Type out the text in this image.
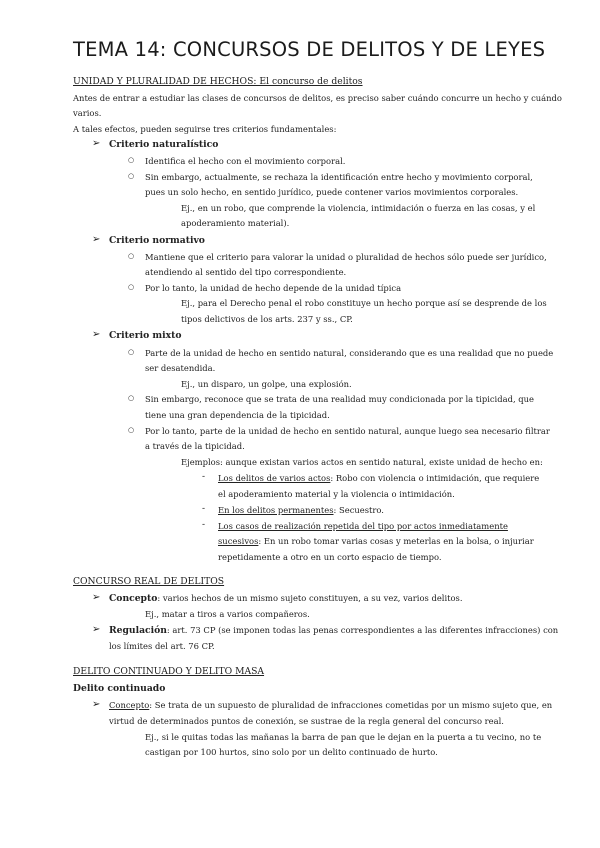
TEMA 14: CONCURSOS DE DELITOS Y DE LEYES
UNIDAD Y PLURALIDAD DE HECHOS: El concurso de delitos
Antes de entrar a estudiar las clases de concursos de delitos, es preciso saber cuándo concurre un hecho y cuándo
varios.
A tales efectos, pueden seguirse tres criterios fundamentales:
➢ Criterio naturalístico
○ Identifica el hecho con el movimiento corporal.
○ Sin embargo, actualmente, se rechaza la identificación entre hecho y movimiento corporal,
pues un solo hecho, en sentido jurídico, puede contener varios movimientos corporales.
Ej., en un robo, que comprende la violencia, intimidación o fuerza en las cosas, y el
apoderamiento material).
➢ Criterio normativo
○ Mantiene que el criterio para valorar la unidad o pluralidad de hechos sólo puede ser jurídico,
atendiendo al sentido del tipo correspondiente.
○ Por lo tanto, la unidad de hecho depende de la unidad típica
Ej., para el Derecho penal el robo constituye un hecho porque así se desprende de los
tipos delictivos de los arts. 237 y ss., CP.
➢ Criterio mixto
○ Parte de la unidad de hecho en sentido natural, considerando que es una realidad que no puede
ser desatendida.
Ej., un disparo, un golpe, una explosión.
○ Sin embargo, reconoce que se trata de una realidad muy condicionada por la tipicidad, que
tiene una gran dependencia de la tipicidad.
○ Por lo tanto, parte de la unidad de hecho en sentido natural, aunque luego sea necesario filtrar
a través de la tipicidad.
Ejemplos: aunque existan varios actos en sentido natural, existe unidad de hecho en:
- Los delitos de varios actos: Robo con violencia o intimidación, que requiere
el apoderamiento material y la violencia o intimidación.
- En los delitos permanentes: Secuestro.
- Los casos de realización repetida del tipo por actos inmediatamente
sucesivos: En un robo tomar varias cosas y meterlas en la bolsa, o injuriar
repetidamente a otro en un corto espacio de tiempo.
CONCURSO REAL DE DELITOS
➢ Concepto: varios hechos de un mismo sujeto constituyen, a su vez, varios delitos.
Ej., matar a tiros a varios compañeros.
➢ Regulación: art. 73 CP (se imponen todas las penas correspondientes a las diferentes infracciones) con
los límites del art. 76 CP.
DELITO CONTINUADO Y DELITO MASA
Delito continuado
➢ Concepto: Se trata de un supuesto de pluralidad de infracciones cometidas por un mismo sujeto que, en
virtud de determinados puntos de conexión, se sustrae de la regla general del concurso real.
Ej., si le quitas todas las mañanas la barra de pan que le dejan en la puerta a tu vecino, no te
castigan por 100 hurtos, sino solo por un delito continuado de hurto.
